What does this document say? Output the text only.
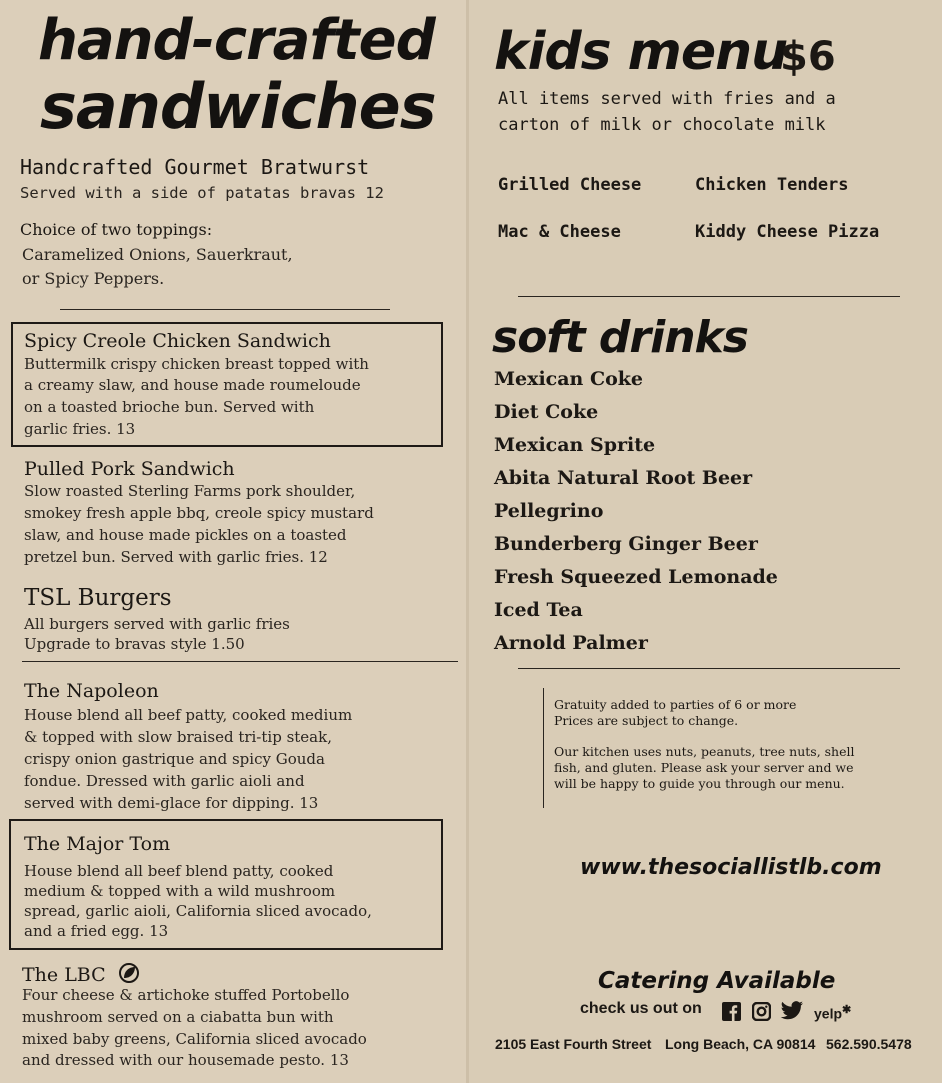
hand-crafted
sandwiches
Handcrafted Gourmet Bratwurst
Served with a side of patatas bravas 12
Choice of two toppings:
Caramelized Onions, Sauerkraut,
or Spicy Peppers.
Spicy Creole Chicken Sandwich
Buttermilk crispy chicken breast topped with
a creamy slaw, and house made roumeloude
on a toasted brioche bun. Served with
garlic fries. 13
Pulled Pork Sandwich
Slow roasted Sterling Farms pork shoulder,
smokey fresh apple bbq, creole spicy mustard
slaw, and house made pickles on a toasted
pretzel bun. Served with garlic fries. 12
TSL Burgers
All burgers served with garlic fries
Upgrade to bravas style 1.50
The Napoleon
House blend all beef patty, cooked medium
& topped with slow braised tri-tip steak,
crispy onion gastrique and spicy Gouda
fondue. Dressed with garlic aioli and
served with demi-glace for dipping. 13
The Major Tom
House blend all beef blend patty, cooked
medium & topped with a wild mushroom
spread, garlic aioli, California sliced avocado,
and a fried egg. 13
The LBC
Four cheese & artichoke stuffed Portobello
mushroom served on a ciabatta bun with
mixed baby greens, California sliced avocado
and dressed with our housemade pesto. 13
kids menu
$6
All items served with fries and a
carton of milk or chocolate milk
Grilled Cheese	Chicken Tenders
Mac & Cheese	Kiddy Cheese Pizza
soft drinks
Mexican Coke
Diet Coke
Mexican Sprite
Abita Natural Root Beer
Pellegrino
Bunderberg Ginger Beer
Fresh Squeezed Lemonade
Iced Tea
Arnold Palmer
Gratuity added to parties of 6 or more
Prices are subject to change.
Our kitchen uses nuts, peanuts, tree nuts, shell
fish, and gluten. Please ask your server and we
will be happy to guide you through our menu.
www.thesociallistlb.com
Catering Available
check us out on	yelp✱
2105 East Fourth Street Long Beach, CA 90814 562.590.5478
